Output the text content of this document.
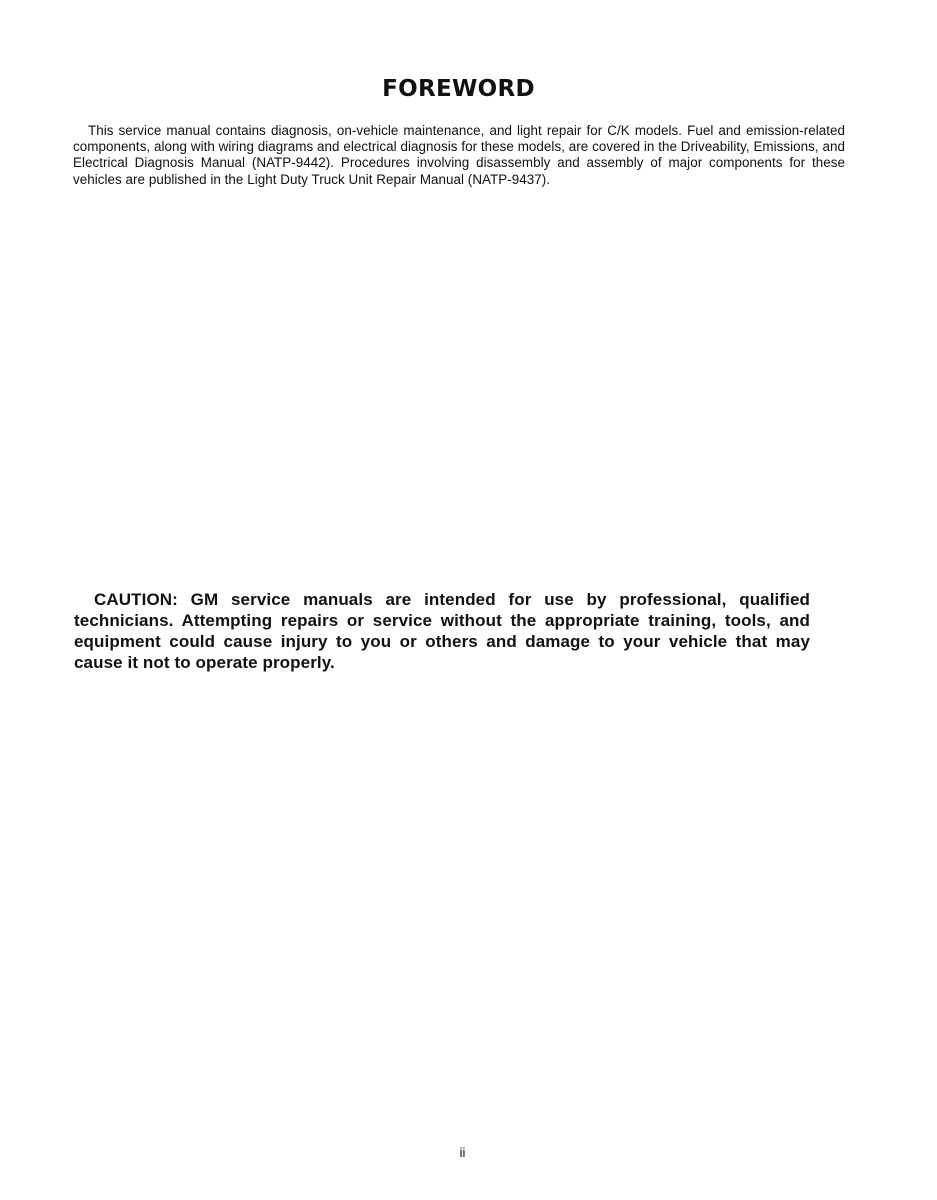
FOREWORD

This service manual contains diagnosis, on-vehicle maintenance, and light repair for C/K models. Fuel and emission-related components, along with wiring diagrams and electrical diagnosis for these models, are covered in the Driveability, Emissions, and Electrical Diagnosis Manual (NATP-9442). Procedures involving disassembly and assembly of major components for these vehicles are published in the Light Duty Truck Unit Repair Manual (NATP-9437).

CAUTION: GM service manuals are intended for use by professional, qualified technicians. Attempting repairs or service without the appropriate training, tools, and equipment could cause injury to you or others and damage to your vehicle that may cause it not to operate properly.

ii
